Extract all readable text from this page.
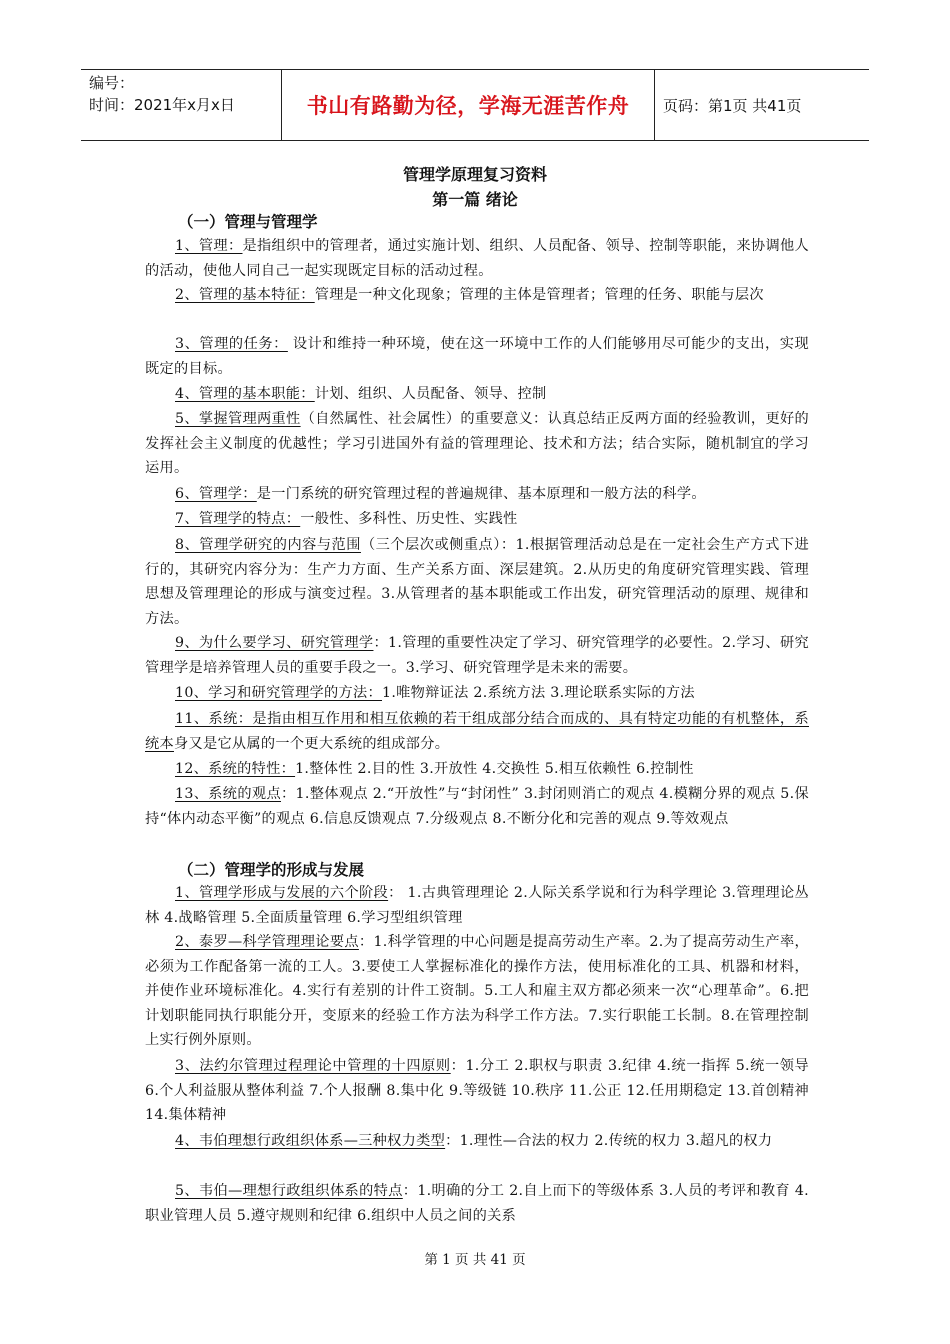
编号：
时间：2021年x月x日	书山有路勤为径，学海无涯苦作舟 页码：第1页 共41页
管理学原理复习资料
第一篇 绪论
（一）管理与管理学
1、管理：是指组织中的管理者，通过实施计划、组织、人员配备、领导、控制等职能，来协调他人的活动，使他人同自己一起实现既定目标的活动过程。
2、管理的基本特征：管理是一种文化现象；管理的主体是管理者；管理的任务、职能与层次
3、管理的任务： 设计和维持一种环境，使在这一环境中工作的人们能够用尽可能少的支出，实现既定的目标。
4、管理的基本职能：计划、组织、人员配备、领导、控制
5、掌握管理两重性（自然属性、社会属性）的重要意义：认真总结正反两方面的经验教训，更好的发挥社会主义制度的优越性；学习引进国外有益的管理理论、技术和方法；结合实际，随机制宜的学习运用。
6、管理学：是一门系统的研究管理过程的普遍规律、基本原理和一般方法的科学。
7、管理学的特点：一般性、多科性、历史性、实践性
8、管理学研究的内容与范围（三个层次或侧重点）：1.根据管理活动总是在一定社会生产方式下进行的，其研究内容分为：生产力方面、生产关系方面、深层建筑。2.从历史的角度研究管理实践、管理思想及管理理论的形成与演变过程。3.从管理者的基本职能或工作出发，研究管理活动的原理、规律和方法。
9、为什么要学习、研究管理学：1.管理的重要性决定了学习、研究管理学的必要性。2.学习、研究管理学是培养管理人员的重要手段之一。3.学习、研究管理学是未来的需要。
10、学习和研究管理学的方法：1.唯物辩证法 2.系统方法 3.理论联系实际的方法
11、系统：是指由相互作用和相互依赖的若干组成部分结合而成的、具有特定功能的有机整体，系统本身又是它从属的一个更大系统的组成部分。
12、系统的特性：1.整体性 2.目的性 3.开放性 4.交换性 5.相互依赖性 6.控制性
13、系统的观点：1.整体观点 2.“开放性”与“封闭性” 3.封闭则消亡的观点 4.模糊分界的观点 5.保持“体内动态平衡”的观点 6.信息反馈观点 7.分级观点 8.不断分化和完善的观点 9.等效观点
（二）管理学的形成与发展
1、管理学形成与发展的六个阶段： 1.古典管理理论 2.人际关系学说和行为科学理论 3.管理理论丛林 4.战略管理 5.全面质量管理 6.学习型组织管理
2、泰罗—科学管理理论要点：1.科学管理的中心问题是提高劳动生产率。2.为了提高劳动生产率，必须为工作配备第一流的工人。3.要使工人掌握标准化的操作方法，使用标准化的工具、机器和材料，并使作业环境标准化。4.实行有差别的计件工资制。5.工人和雇主双方都必须来一次“心理革命”。6.把计划职能同执行职能分开，变原来的经验工作方法为科学工作方法。7.实行职能工长制。8.在管理控制上实行例外原则。
3、法约尔管理过程理论中管理的十四原则：1.分工 2.职权与职责 3.纪律 4.统一指挥 5.统一领导 6.个人利益服从整体利益 7.个人报酬 8.集中化 9.等级链 10.秩序 11.公正 12.任用期稳定 13.首创精神 14.集体精神
4、韦伯理想行政组织体系—三种权力类型：1.理性—合法的权力 2.传统的权力 3.超凡的权力
5、韦伯—理想行政组织体系的特点：1.明确的分工 2.自上而下的等级体系 3.人员的考评和教育 4.职业管理人员 5.遵守规则和纪律 6.组织中人员之间的关系
第 1 页 共 41 页
